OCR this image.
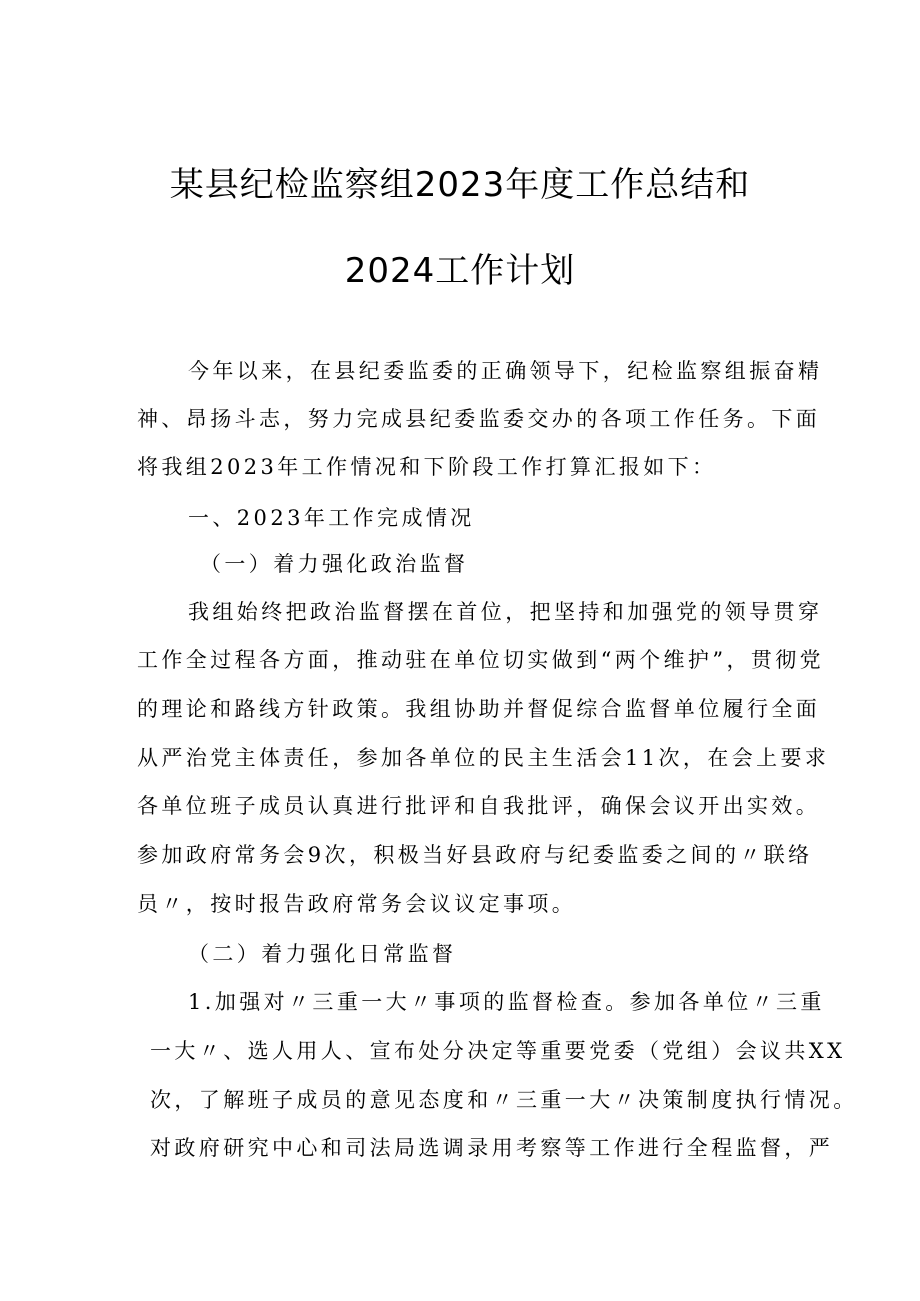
某县纪检监察组2023年度工作总结和
2024工作计划
今年以来，在县纪委监委的正确领导下，纪检监察组振奋精
神、昂扬斗志，努力完成县纪委监委交办的各项工作任务。下面
将我组2023年工作情况和下阶段工作打算汇报如下：
一、2023年工作完成情况
（一）着力强化政治监督
我组始终把政治监督摆在首位，把坚持和加强党的领导贯穿
工作全过程各方面，推动驻在单位切实做到“两个维护”，贯彻党
的理论和路线方针政策。我组协助并督促综合监督单位履行全面
从严治党主体责任，参加各单位的民主生活会11次，在会上要求
各单位班子成员认真进行批评和自我批评，确保会议开出实效。
参加政府常务会9次，积极当好县政府与纪委监委之间的〃联络
员〃，按时报告政府常务会议议定事项。
（二）着力强化日常监督
1.加强对〃三重一大〃事项的监督检查。参加各单位〃三重
一大〃、选人用人、宣布处分决定等重要党委（党组）会议共XX
次，了解班子成员的意见态度和〃三重一大〃决策制度执行情况。
对政府研究中心和司法局选调录用考察等工作进行全程监督，严
